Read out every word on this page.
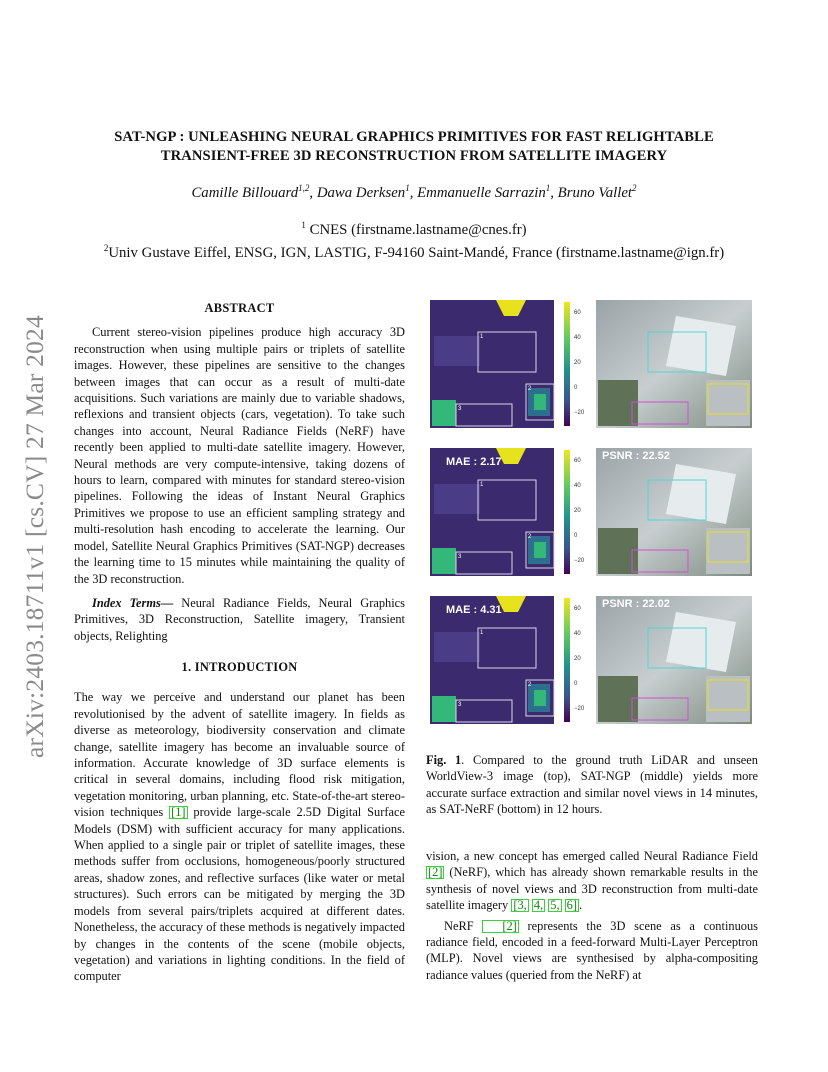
arXiv:2403.18711v1 [cs.CV] 27 Mar 2024
SAT-NGP : UNLEASHING NEURAL GRAPHICS PRIMITIVES FOR FAST RELIGHTABLE
TRANSIENT-FREE 3D RECONSTRUCTION FROM SATELLITE IMAGERY
Camille Billouard$^{1,2}$, Dawa Derksen$^1$, Emmanuelle Sarrazin$^1$, Bruno Vallet$^2$
$^1$ CNES (firstname.lastname@cnes.fr)
$^2$Univ Gustave Eiffel, ENSG, IGN, LASTIG, F-94160 Saint-Mandé, France (firstname.lastname@ign.fr)
ABSTRACT

Current stereo-vision pipelines produce high accuracy 3D reconstruction when using multiple pairs or triplets of satellite images. However, these pipelines are sensitive to the changes between images that can occur as a result of multi-date acquisitions. Such variations are mainly due to variable shadows, reflexions and transient objects (cars, vegetation). To take such changes into account, Neural Radiance Fields (NeRF) have recently been applied to multi-date satellite imagery. However, Neural methods are very compute-intensive, taking dozens of hours to learn, compared with minutes for standard stereo-vision pipelines. Following the ideas of Instant Neural Graphics Primitives we propose to use an efficient sampling strategy and multi-resolution hash encoding to accelerate the learning. Our model, Satellite Neural Graphics Primitives (SAT-NGP) decreases the learning time to 15 minutes while maintaining the quality of the 3D reconstruction.

Index Terms— Neural Radiance Fields, Neural Graphics Primitives, 3D Reconstruction, Satellite imagery, Transient objects, Relighting

1. INTRODUCTION

The way we perceive and understand our planet has been revolutionised by the advent of satellite imagery. In fields as diverse as meteorology, biodiversity conservation and climate change, satellite imagery has become an invaluable source of information. Accurate knowledge of 3D surface elements is critical in several domains, including flood risk mitigation, vegetation monitoring, urban planning, etc. State-of-the-art stereo-vision techniques [1] provide large-scale 2.5D Digital Surface Models (DSM) with sufficient accuracy for many applications. When applied to a single pair or triplet of satellite images, these methods suffer from occlusions, homogeneous/poorly structured areas, shadow zones, and reflective surfaces (like water or metal structures). Such errors can be mitigated by merging the 3D models from several pairs/triplets acquired at different dates. Nonetheless, the accuracy of these methods is negatively impacted by changes in the contents of the scene (mobile objects, vegetation) and variations in lighting conditions. In the field of computer

60
40
20
0
−20
1
2
3
60
40
20
0
−20
1
2
3
MAE : 2.17	PSNR : 22.52
60
40
20
0
−20
1
2
3
MAE : 4.31	PSNR : 22.02

Fig. 1. Compared to the ground truth LiDAR and unseen WorldView-3 image (top), SAT-NGP (middle) yields more accurate surface extraction and similar novel views in 14 minutes, as SAT-NeRF (bottom) in 12 hours.

vision, a new concept has emerged called Neural Radiance Field [2] (NeRF), which has already shown remarkable results in the synthesis of novel views and 3D reconstruction from multi-date satellite imagery [3, 4, 5, 6] .

NeRF [2] represents the 3D scene as a continuous radiance field, encoded in a feed-forward Multi-Layer Perceptron (MLP). Novel views are synthesised by alpha-compositing radiance values (queried from the NeRF) at
